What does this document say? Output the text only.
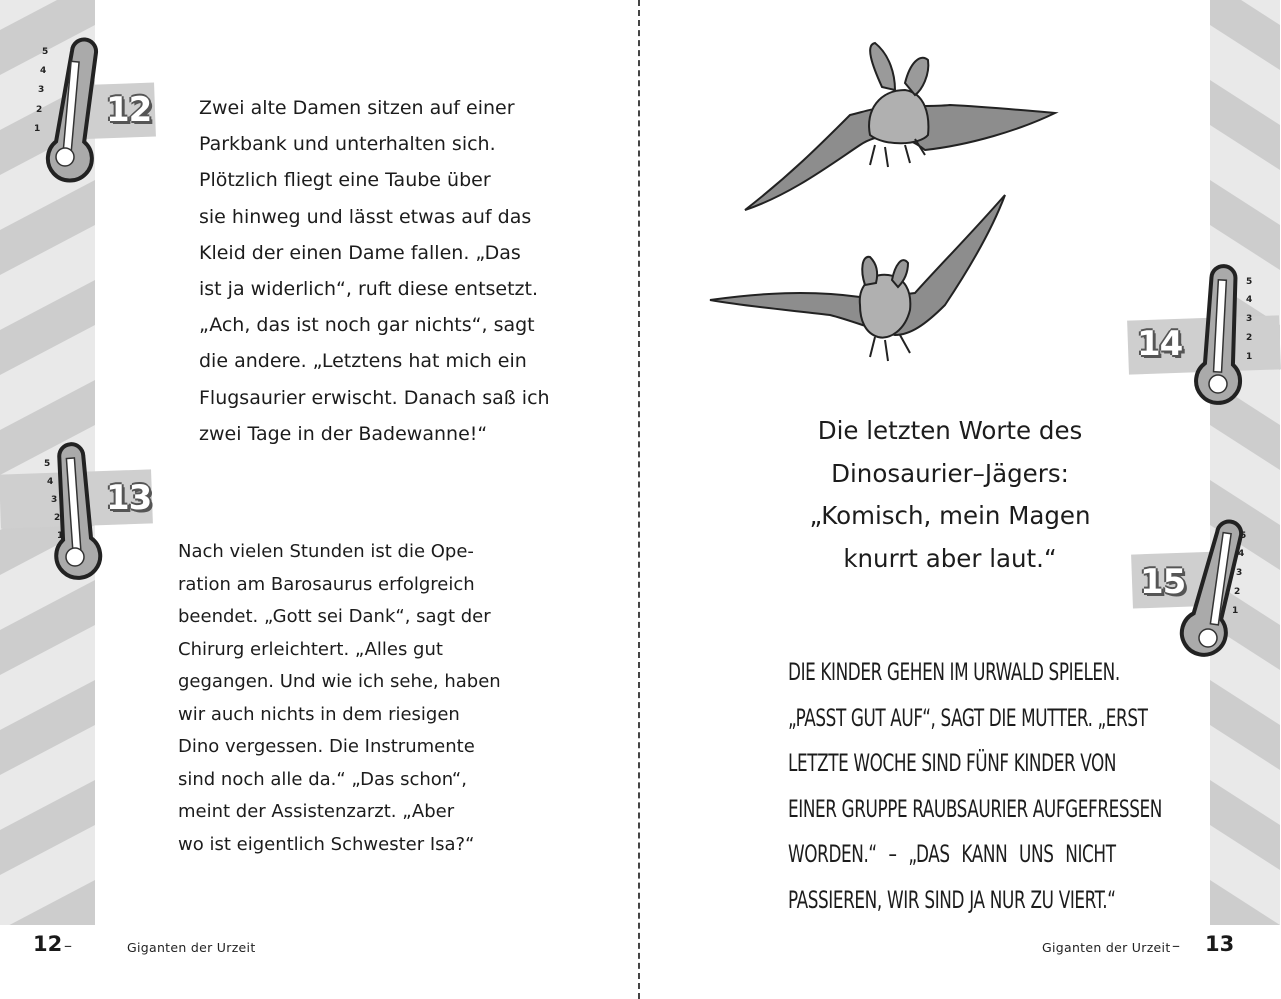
5
4
3
2
1 12	Zwei alte Damen sitzen auf einer
Parkbank und unterhalten sich.
Plötzlich fliegt eine Taube über
sie hinweg und lässt etwas auf das
Kleid der einen Dame fallen. „Das
ist ja widerlich“, ruft diese entsetzt.
„Ach, das ist noch gar nichts“, sagt
die andere. „Letztens hat mich ein
Flugsaurier erwischt. Danach saß ich
zwei Tage in der Badewanne!“
5
4
3
2
1
13
Nach vielen Stunden ist die Ope-
ration am Barosaurus erfolgreich
beendet. „Gott sei Dank“, sagt der
Chirurg erleichtert. „Alles gut
gegangen. Und wie ich sehe, haben
wir auch nichts in dem riesigen
Dino vergessen. Die Instrumente
sind noch alle da.“ „Das schon“,
meint der Assistenzarzt. „Aber
wo ist eigentlich Schwester Isa?“
12 –	Giganten der Urzeit
Die letzten Worte des
Dinosaurier–Jägers:
„Komisch, mein Magen
knurrt aber laut.“
5
4
3
2
1
14
5
4
3
2
1
15
DIE KINDER GEHEN IM URWALD SPIELEN.
„PASST GUT AUF“, SAGT DIE MUTTER. „ERST
LETZTE WOCHE SIND FÜNF KINDER VON
EINER GRUPPE RAUBSAURIER AUFGEFRESSEN
WORDEN.“ – „DAS KANN UNS NICHT
PASSIEREN, WIR SIND JA NUR ZU VIERT.“
Giganten der Urzeit – 13
